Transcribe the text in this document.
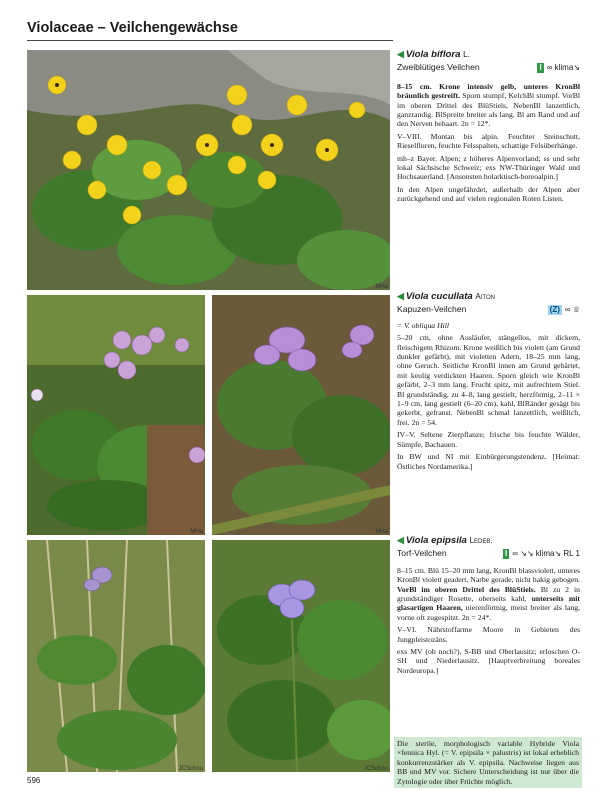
Violaceae – Veilchengewächse
MHa
MHa	MHa
JCSchou	JCSchou
◀ Viola biflora L.
Zweiblütiges Veilchen	I ∞ klima↘

8–15 cm. Krone intensiv gelb, unteres KronBl bräunlich gestreift. Sporn stumpf, KelchBl stumpf. VorBl im oberen Drittel des BlüStiels, NebenBl lanzettlich, ganzrandig. BlSpreite breiter als lang. Bl am Rand und auf den Nerven behaart. 2n = 12*.

V–VIII. Montan bis alpin. Feuchter Steinschutt, Rieselfluren, feuchte Felsspalten, schattige Felsüberhänge.

mh–z Bayer. Alpen; z höheres Alpenvorland; ss und sehr lokal Sächsische Schweiz; exs NW-Thüringer Wald und Hochsauerland. [Ansonsten holarktisch-boreoalpin.]

In den Alpen ungefährdet, außerhalb der Alpen aber zurückgehend und auf vielen regionalen Roten Listen.

◀ Viola cucullata Aiton
Kapuzen-Veilchen	(Z) ∞ ♕

= V. obliqua Hill

5–20 cm, ohne Ausläufer, stängellos, mit dickem, fleischigem Rhizom. Krone weißlich bis violett (am Grund dunkler gefärbt), mit violetten Adern, 18–25 mm lang, ohne Geruch. Seitliche KronBl innen am Grund gebärtet, mit keulig verdickten Haaren. Sporn gleich wie KronBl gefärbt, 2–3 mm lang. Frucht spitz, mit aufrechtem Stiel. Bl grundständig, zu 4–8, lang gestielt, herzförmig, 2–11 × 1–9 cm, lang gestielt (6–20 cm), kahl, BlRänder gesägt bis gekerbt, gefranst. NebenBl schmal lanzettlich, weißlich, frei. 2n = 54.

IV–V. Seltene Zierpflanze; frische bis feuchte Wälder, Sümpfe, Bachauen.

In BW und NI mit Einbürgerungstendenz. [Heimat: Östliches Nordamerika.]

◀ Viola epipsila Ledeb.
Torf-Veilchen	I ∞ ↘↘ klima↘ RL 1

8–15 cm. Blü 15–20 mm lang, KronBl blassviolett, unteres KronBl violett geadert, Narbe gerade, nicht hakig gebogen. VorBl im oberen Drittel des BlüStiels. Bl zu 2 in grundständiger Rosette, oberseits kahl, unterseits mit glasartigen Haaren, nierenförmig, meist breiter als lang, vorne oft zugespitzt. 2n = 24*.

V–VI. Nährstoffarme Moore in Gebieten des Jungpleistozäns.

exs MV (ob noch?), S-BB und Oberlausitz; erloschen O-SH und Niederlausitz. [Hauptverbreitung boreales Nordeuropa.]

Die sterile, morphologisch variable Hybride Viola ×fennica Hyl. (= V. epipsila × palustris) ist lokal erheblich konkurrenzstärker als V. epipsila. Nachweise liegen aus BB und MV vor. Sichere Unterscheidung ist nur über die Zytologie oder über Früchte möglich.
596
